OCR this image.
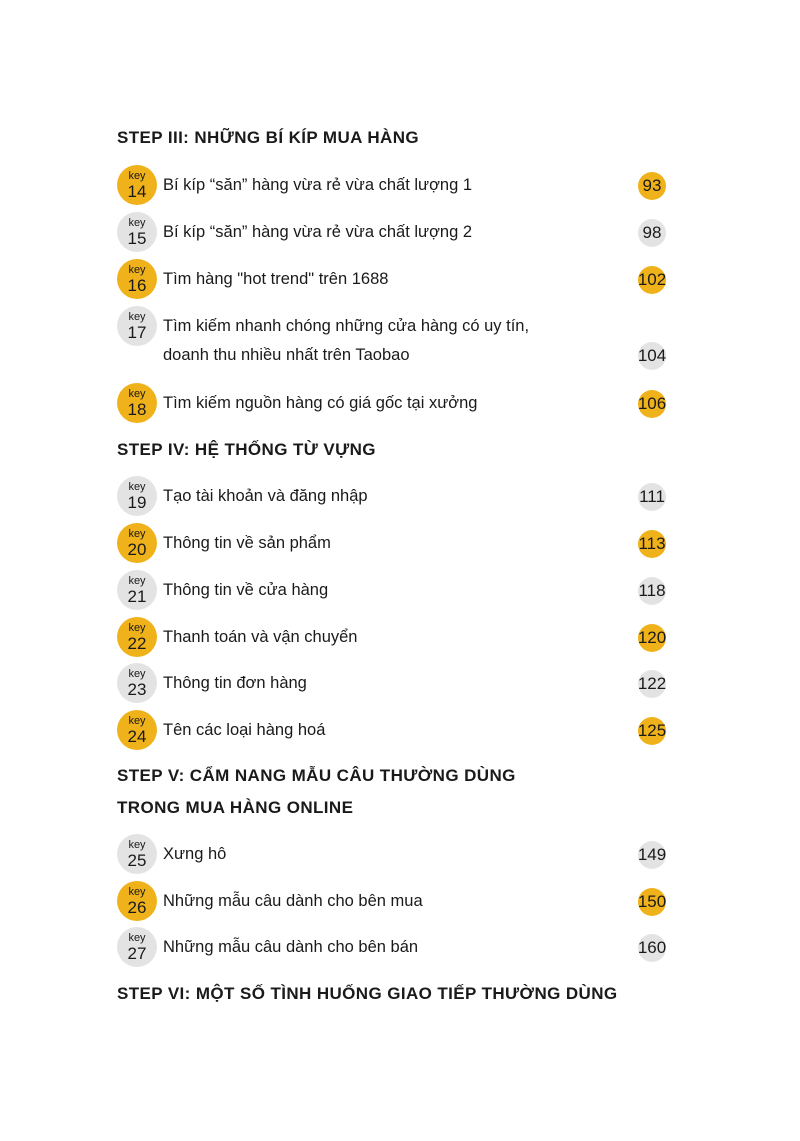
STEP III: NHỮNG BÍ KÍP MUA HÀNG
key
14 Bí kíp “săn” hàng vừa rẻ vừa chất lượng 1	93
key
15 Bí kíp “săn” hàng vừa rẻ vừa chất lượng 2	98
key
16 Tìm hàng "hot trend" trên 1688	102
key
17 Tìm kiếm nhanh chóng những cửa hàng có uy tín,
doanh thu nhiều nhất trên Taobao	104
key
18 Tìm kiếm nguồn hàng có giá gốc tại xưởng	106
STEP IV: HỆ THỐNG TỪ VỰNG
key
19 Tạo tài khoản và đăng nhập	111
key
20 Thông tin về sản phẩm	113
key
21 Thông tin về cửa hàng	118
key
22 Thanh toán và vận chuyển	120
key
23 Thông tin đơn hàng	122
key
24 Tên các loại hàng hoá	125
STEP V: CẨM NANG MẪU CÂU THƯỜNG DÙNG
TRONG MUA HÀNG ONLINE
key
25 Xưng hô	149
key
26 Những mẫu câu dành cho bên mua	150
key
27 Những mẫu câu dành cho bên bán	160
STEP VI: MỘT SỐ TÌNH HUỐNG GIAO TIẾP THƯỜNG DÙNG
